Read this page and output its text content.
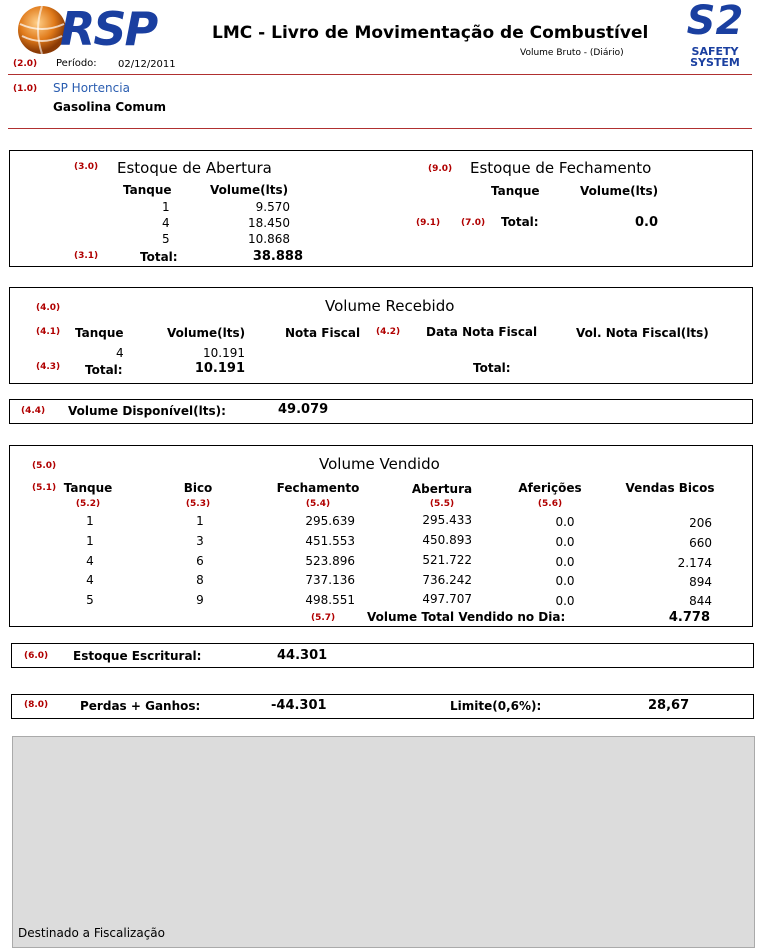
RSP	LMC - Livro de Movimentação de Combustível
Volume Bruto - (Diário)
S2
SAFETY
SYSTEM
(2.0) Período: 02/12/2011
(1.0) SP Hortencia
Gasolina Comum
(3.0) Estoque de Abertura
Tanque	Volume(lts)
1	9.570
4	18.450
5	10.868
(3.1)	Total:	38.888
(9.0) Estoque de Fechamento
Tanque	Volume(lts)
(9.1) (7.0) Total:	0.0
(4.0)	Volume Recebido
(4.1) Tanque	Volume(lts)	Nota Fiscal (4.2) Data Nota Fiscal	Vol. Nota Fiscal(lts)
4	10.191
(4.3) Total:	10.191	Total:
(4.4) Volume Disponível(lts):	49.079
(5.0)	Volume Vendido
(5.1) Tanque	Bico	Fechamento	Abertura	Aferições	Vendas Bicos
(5.2)	(5.3)	(5.4)	(5.5)	(5.6)
1	1	295.639	295.433	0.0	206
1	3	451.553	450.893	0.0	660
4	6	523.896	521.722	0.0	2.174
4	8	737.136	736.242	0.0	894
5	9	498.551	497.707	0.0	844
(5.7)	Volume Total Vendido no Dia:	4.778
(6.0) Estoque Escritural:	44.301
(8.0)	Perdas + Ganhos:	-44.301	Limite(0,6%):	28,67
Destinado a Fiscalização
